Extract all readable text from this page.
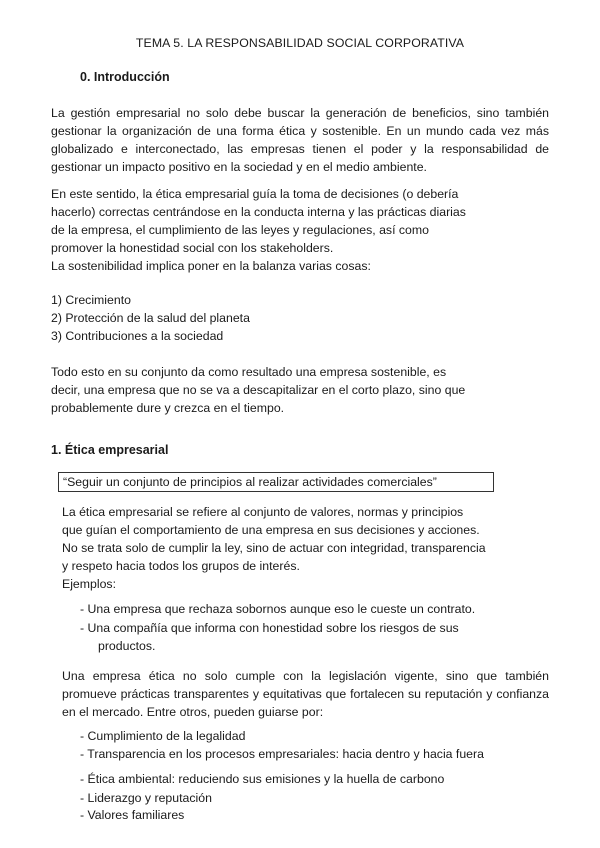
TEMA 5. LA RESPONSABILIDAD SOCIAL CORPORATIVA
0. Introducción
La gestión empresarial no solo debe buscar la generación de beneficios, sino también gestionar la organización de una forma ética y sostenible. En un mundo cada vez más globalizado e interconectado, las empresas tienen el poder y la responsabilidad de gestionar un impacto positivo en la sociedad y en el medio ambiente.
En este sentido, la ética empresarial guía la toma de decisiones (o debería
hacerlo) correctas centrándose en la conducta interna y las prácticas diarias
de la empresa, el cumplimiento de las leyes y regulaciones, así como
promover la honestidad social con los stakeholders.
La sostenibilidad implica poner en la balanza varias cosas:
1) Crecimiento
2) Protección de la salud del planeta
3) Contribuciones a la sociedad
Todo esto en su conjunto da como resultado una empresa sostenible, es
decir, una empresa que no se va a descapitalizar en el corto plazo, sino que
probablemente dure y crezca en el tiempo.
1. Ética empresarial
“Seguir un conjunto de principios al realizar actividades comerciales”
La ética empresarial se refiere al conjunto de valores, normas y principios
que guían el comportamiento de una empresa en sus decisiones y acciones.
No se trata solo de cumplir la ley, sino de actuar con integridad, transparencia
y respeto hacia todos los grupos de interés.
Ejemplos:
- Una empresa que rechaza sobornos aunque eso le cueste un contrato.
- Una compañía que informa con honestidad sobre los riesgos de sus
productos.
Una empresa ética no solo cumple con la legislación vigente, sino que también promueve prácticas transparentes y equitativas que fortalecen su reputación y confianza en el mercado. Entre otros, pueden guiarse por:
- Cumplimiento de la legalidad
- Transparencia en los procesos empresariales: hacia dentro y hacia fuera
- Ética ambiental: reduciendo sus emisiones y la huella de carbono
- Liderazgo y reputación
- Valores familiares
